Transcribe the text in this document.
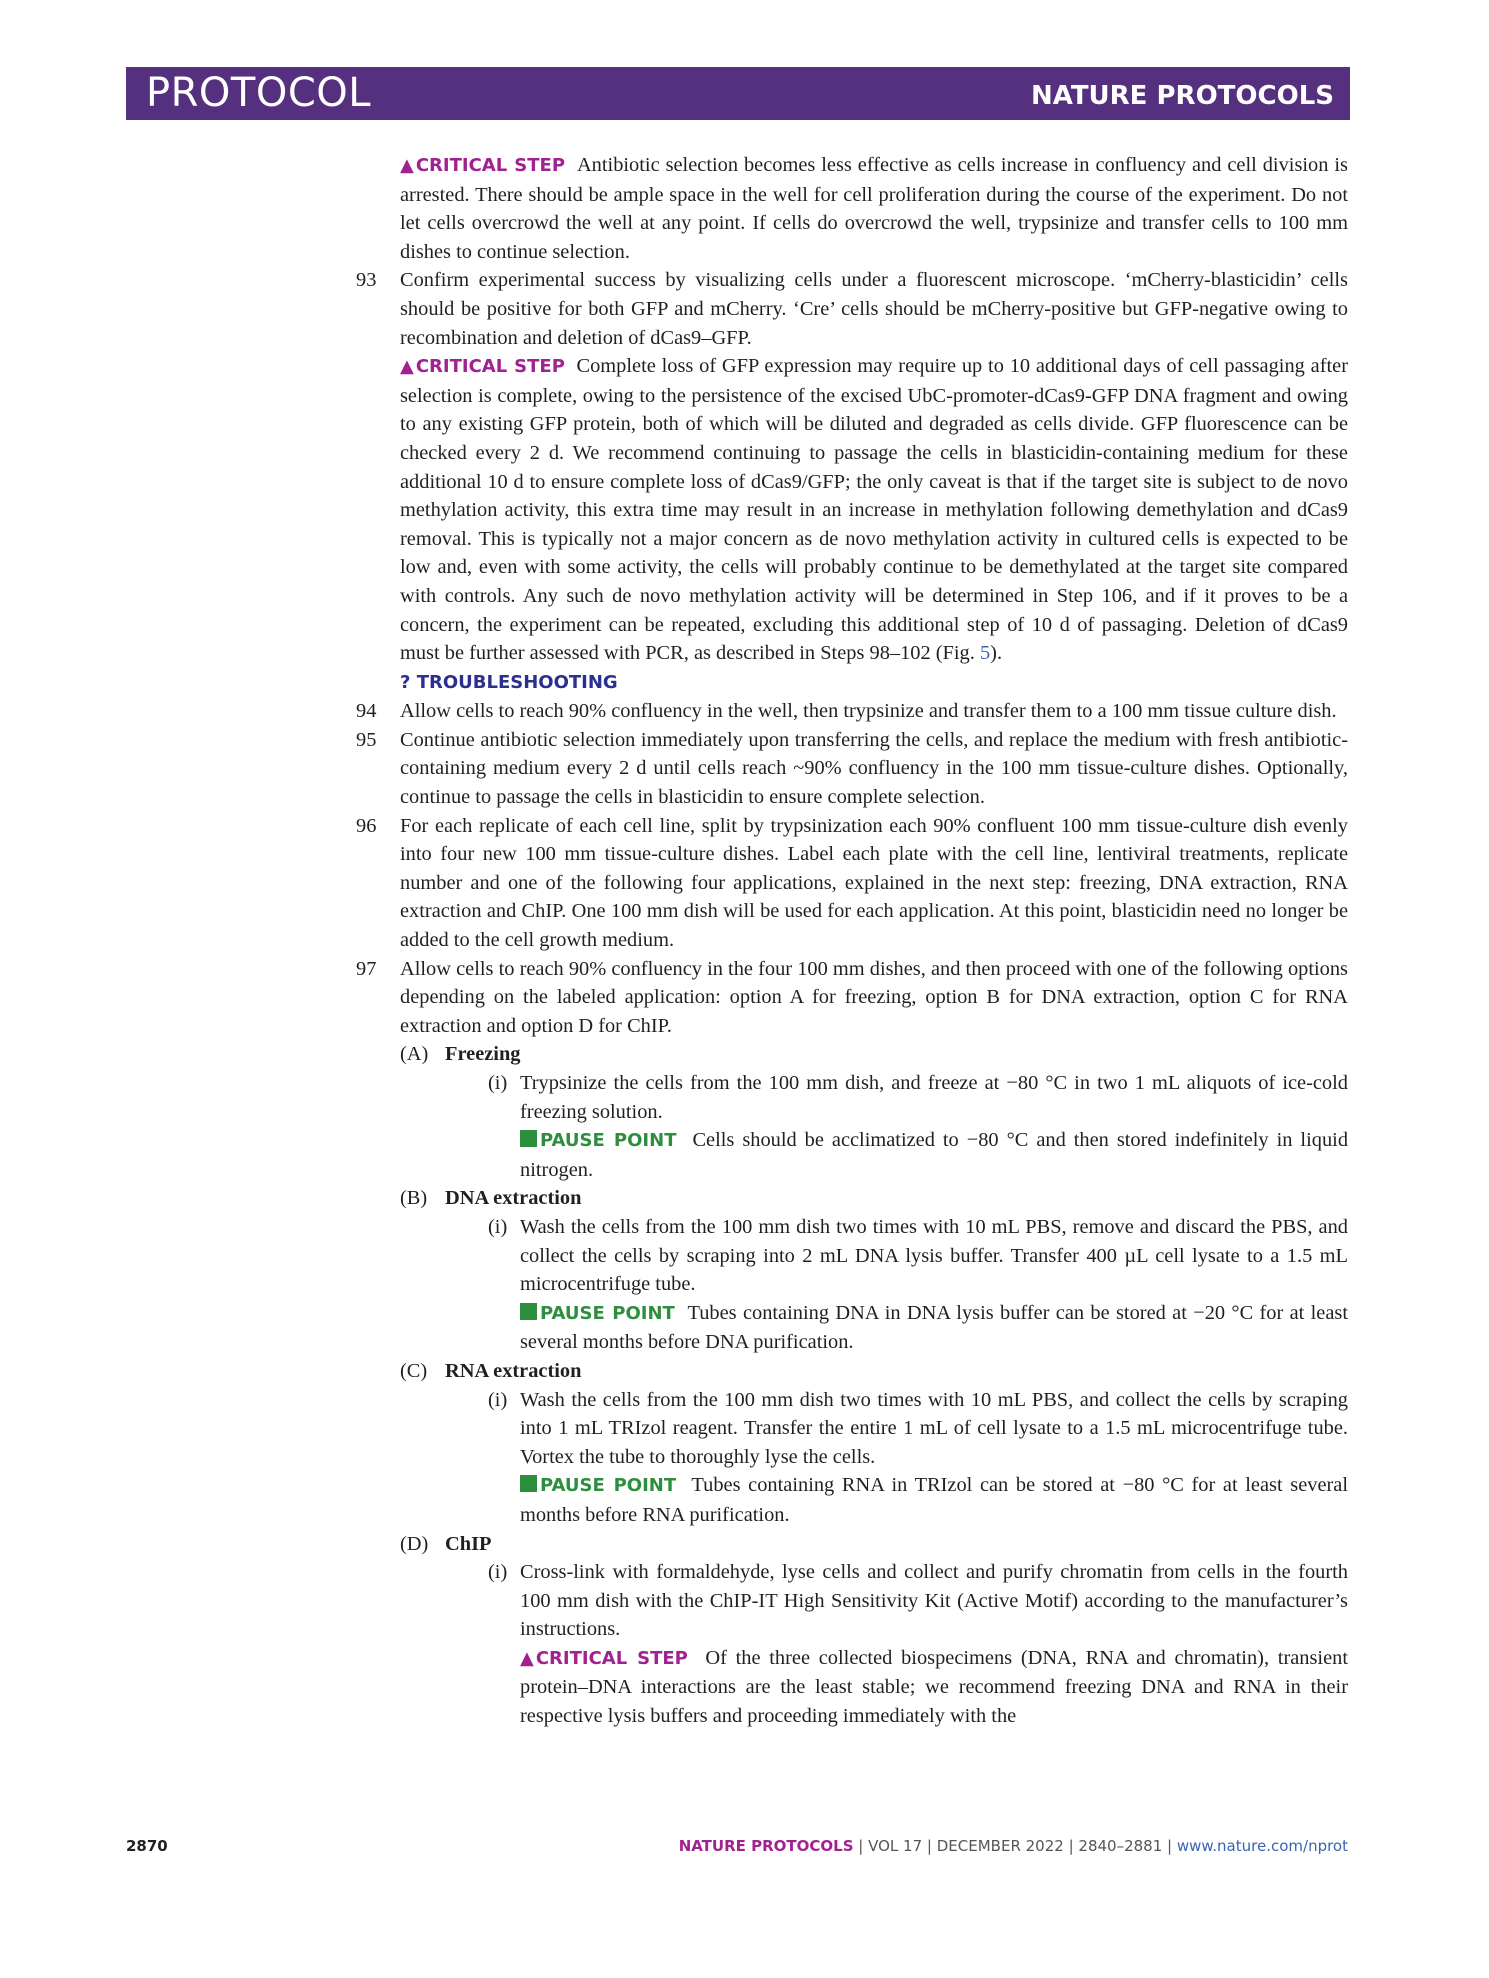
PROTOCOL	NATURE PROTOCOLS

▲ CRITICAL STEP Antibiotic selection becomes less effective as cells increase in confluency and cell division is arrested. There should be ample space in the well for cell proliferation during the course of the experiment. Do not let cells overcrowd the well at any point. If cells do overcrowd the well, trypsinize and transfer cells to 100 mm dishes to continue selection.

93 Confirm experimental success by visualizing cells under a fluorescent microscope. ‘mCherry-blasticidin’ cells should be positive for both GFP and mCherry. ‘Cre’ cells should be mCherry-positive but GFP-negative owing to recombination and deletion of dCas9–GFP.

▲ CRITICAL STEP Complete loss of GFP expression may require up to 10 additional days of cell passaging after selection is complete, owing to the persistence of the excised UbC-promoter-dCas9-GFP DNA fragment and owing to any existing GFP protein, both of which will be diluted and degraded as cells divide. GFP fluorescence can be checked every 2 d. We recommend continuing to passage the cells in blasticidin-containing medium for these additional 10 d to ensure complete loss of dCas9/GFP; the only caveat is that if the target site is subject to de novo methylation activity, this extra time may result in an increase in methylation following demethylation and dCas9 removal. This is typically not a major concern as de novo methylation activity in cultured cells is expected to be low and, even with some activity, the cells will probably continue to be demethylated at the target site compared with controls. Any such de novo methylation activity will be determined in Step 106, and if it proves to be a concern, the experiment can be repeated, excluding this additional step of 10 d of passaging. Deletion of dCas9 must be further assessed with PCR, as described in Steps 98–102 (Fig. 5).

? TROUBLESHOOTING
94 Allow cells to reach 90% confluency in the well, then trypsinize and transfer them to a 100 mm tissue culture dish.
95 Continue antibiotic selection immediately upon transferring the cells, and replace the medium with fresh antibiotic-containing medium every 2 d until cells reach ~90% confluency in the 100 mm tissue-culture dishes. Optionally, continue to passage the cells in blasticidin to ensure complete selection.
96 For each replicate of each cell line, split by trypsinization each 90% confluent 100 mm tissue-culture dish evenly into four new 100 mm tissue-culture dishes. Label each plate with the cell line, lentiviral treatments, replicate number and one of the following four applications, explained in the next step: freezing, DNA extraction, RNA extraction and ChIP. One 100 mm dish will be used for each application. At this point, blasticidin need no longer be added to the cell growth medium.
97 Allow cells to reach 90% confluency in the four 100 mm dishes, and then proceed with one of the following options depending on the labeled application: option A for freezing, option B for DNA extraction, option C for RNA extraction and option D for ChIP.
(A) Freezing
(i) Trypsinize the cells from the 100 mm dish, and freeze at −80 °C in two 1 mL aliquots of ice-cold freezing solution.
PAUSE POINT Cells should be acclimatized to −80 °C and then stored indefinitely in liquid nitrogen.
(B) DNA extraction
(i) Wash the cells from the 100 mm dish two times with 10 mL PBS, remove and discard the PBS, and collect the cells by scraping into 2 mL DNA lysis buffer. Transfer 400 µL cell lysate to a 1.5 mL microcentrifuge tube.
PAUSE POINT Tubes containing DNA in DNA lysis buffer can be stored at −20 °C for at least several months before DNA purification.
(C) RNA extraction
(i) Wash the cells from the 100 mm dish two times with 10 mL PBS, and collect the cells by scraping into 1 mL TRIzol reagent. Transfer the entire 1 mL of cell lysate to a 1.5 mL microcentrifuge tube. Vortex the tube to thoroughly lyse the cells.
PAUSE POINT Tubes containing RNA in TRIzol can be stored at −80 °C for at least several months before RNA purification.
(D) ChIP
(i) Cross-link with formaldehyde, lyse cells and collect and purify chromatin from cells in the fourth 100 mm dish with the ChIP-IT High Sensitivity Kit (Active Motif) according to the manufacturer’s instructions.
▲ CRITICAL STEP Of the three collected biospecimens (DNA, RNA and chromatin), transient protein–DNA interactions are the least stable; we recommend freezing DNA and RNA in their respective lysis buffers and proceeding immediately with the
2870	NATURE PROTOCOLS | VOL 17 | DECEMBER 2022 | 2840–2881 | www.nature.com/nprot
